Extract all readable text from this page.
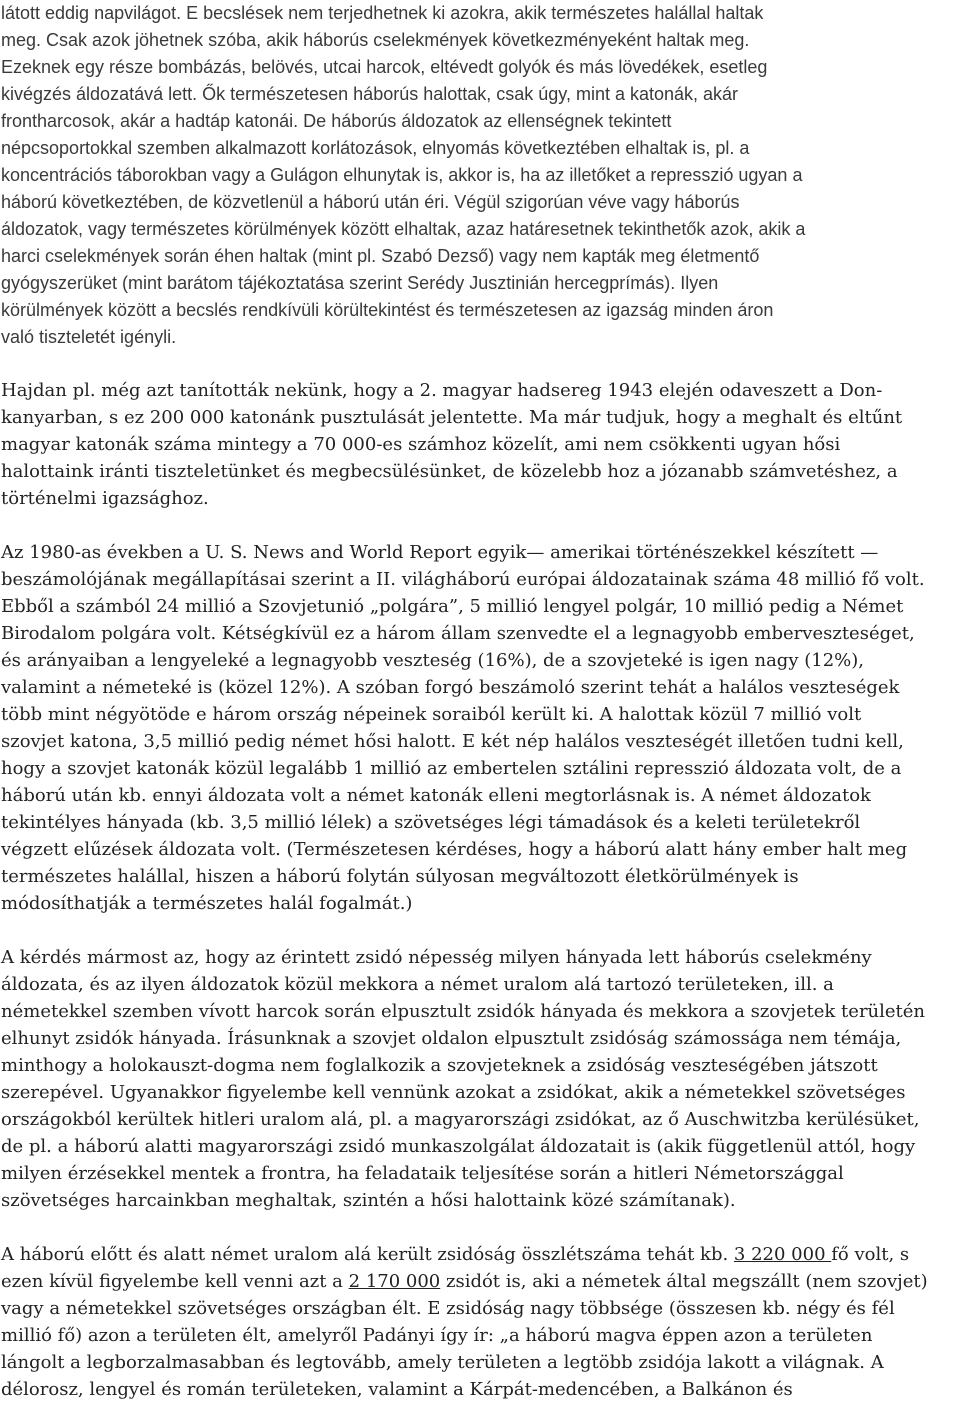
látott eddig napvilágot. E becslések nem terjedhetnek ki azokra, akik természetes halállal haltak
meg. Csak azok jöhetnek szóba, akik háborús cselekmények következményeként haltak meg.
Ezeknek egy része bombázás, belövés, utcai harcok, eltévedt golyók és más lövedékek, esetleg
kivégzés áldozatává lett. Ők természetesen háborús halottak, csak úgy, mint a katonák, akár
frontharcosok, akár a hadtáp katonái. De háborús áldozatok az ellenségnek tekintett
népcsoportokkal szemben alkalmazott korlátozások, elnyomás következtében elhaltak is, pl. a
koncentrációs táborokban vagy a Gulágon elhunytak is, akkor is, ha az illetőket a represszió ugyan a
háború következtében, de közvetlenül a háború után éri. Végül szigorúan véve vagy háborús
áldozatok, vagy természetes körülmények között elhaltak, azaz határesetnek tekinthetők azok, akik a
harci cselekmények során éhen haltak (mint pl. Szabó Dezső) vagy nem kapták meg életmentő
gyógyszerüket (mint barátom tájékoztatása szerint Serédy Jusztinián hercegprímás). Ilyen
körülmények között a becslés rendkívüli körültekintést és természetesen az igazság minden áron
való tiszteletét igényli.
Hajdan pl. még azt tanították nekünk, hogy a 2. magyar hadsereg 1943 elején odaveszett a Don-
kanyarban, s ez 200 000 katonánk pusztulását jelentette. Ma már tudjuk, hogy a meghalt és eltűnt
magyar katonák száma mintegy a 70 000-es számhoz közelít, ami nem csökkenti ugyan hősi
halottaink iránti tiszteletünket és megbecsülésünket, de közelebb hoz a józanabb számvetéshez, a
történelmi igazsághoz.
Az 1980-as években a U. S. News and World Report egyik— amerikai történészekkel készített —
beszámolójának megállapításai szerint a II. világháború európai áldozatainak száma 48 millió fő volt.
Ebből a számból 24 millió a Szovjetunió „polgára”, 5 millió lengyel polgár, 10 millió pedig a Német
Birodalom polgára volt. Kétségkívül ez a három állam szenvedte el a legnagyobb emberveszteséget,
és arányaiban a lengyeleké a legnagyobb veszteség (16%), de a szovjeteké is igen nagy (12%),
valamint a németeké is (közel 12%). A szóban forgó beszámoló szerint tehát a halálos veszteségek
több mint négyötöde e három ország népeinek soraiból került ki. A halottak közül 7 millió volt
szovjet katona, 3,5 millió pedig német hősi halott. E két nép halálos veszteségét illetően tudni kell,
hogy a szovjet katonák közül legalább 1 millió az embertelen sztálini represszió áldozata volt, de a
háború után kb. ennyi áldozata volt a német katonák elleni megtorlásnak is. A német áldozatok
tekintélyes hányada (kb. 3,5 millió lélek) a szövetséges légi támadások és a keleti területekről
végzett elűzések áldozata volt. (Természetesen kérdéses, hogy a háború alatt hány ember halt meg
természetes halállal, hiszen a háború folytán súlyosan megváltozott életkörülmények is
módosíthatják a természetes halál fogalmát.)
A kérdés mármost az, hogy az érintett zsidó népesség milyen hányada lett háborús cselekmény
áldozata, és az ilyen áldozatok közül mekkora a német uralom alá tartozó területeken, ill. a
németekkel szemben vívott harcok során elpusztult zsidók hányada és mekkora a szovjetek területén
elhunyt zsidók hányada. Írásunknak a szovjet oldalon elpusztult zsidóság számossága nem témája,
minthogy a holokauszt-dogma nem foglalkozik a szovjeteknek a zsidóság veszteségében játszott
szerepével. Ugyanakkor figyelembe kell vennünk azokat a zsidókat, akik a németekkel szövetséges
országokból kerültek hitleri uralom alá, pl. a magyarországi zsidókat, az ő Auschwitzba kerülésüket,
de pl. a háború alatti magyarországi zsidó munkaszolgálat áldozatait is (akik függetlenül attól, hogy
milyen érzésekkel mentek a frontra, ha feladataik teljesítése során a hitleri Németországgal
szövetséges harcainkban meghaltak, szintén a hősi halottaink közé számítanak).
A háború előtt és alatt német uralom alá került zsidóság összlétszáma tehát kb. 3 220 000 fő volt, s
ezen kívül figyelembe kell venni azt a 2 170 000 zsidót is, aki a németek által megszállt (nem szovjet)
vagy a németekkel szövetséges országban élt. E zsidóság nagy többsége (összesen kb. négy és fél
millió fő) azon a területen élt, amelyről Padányi így ír: „a háború magva éppen azon a területen
lángolt a legborzalmasabban és legtovább, amely területen a legtöbb zsidója lakott a világnak. A
délorosz, lengyel és román területeken, valamint a Kárpát-medencében, a Balkánon és
